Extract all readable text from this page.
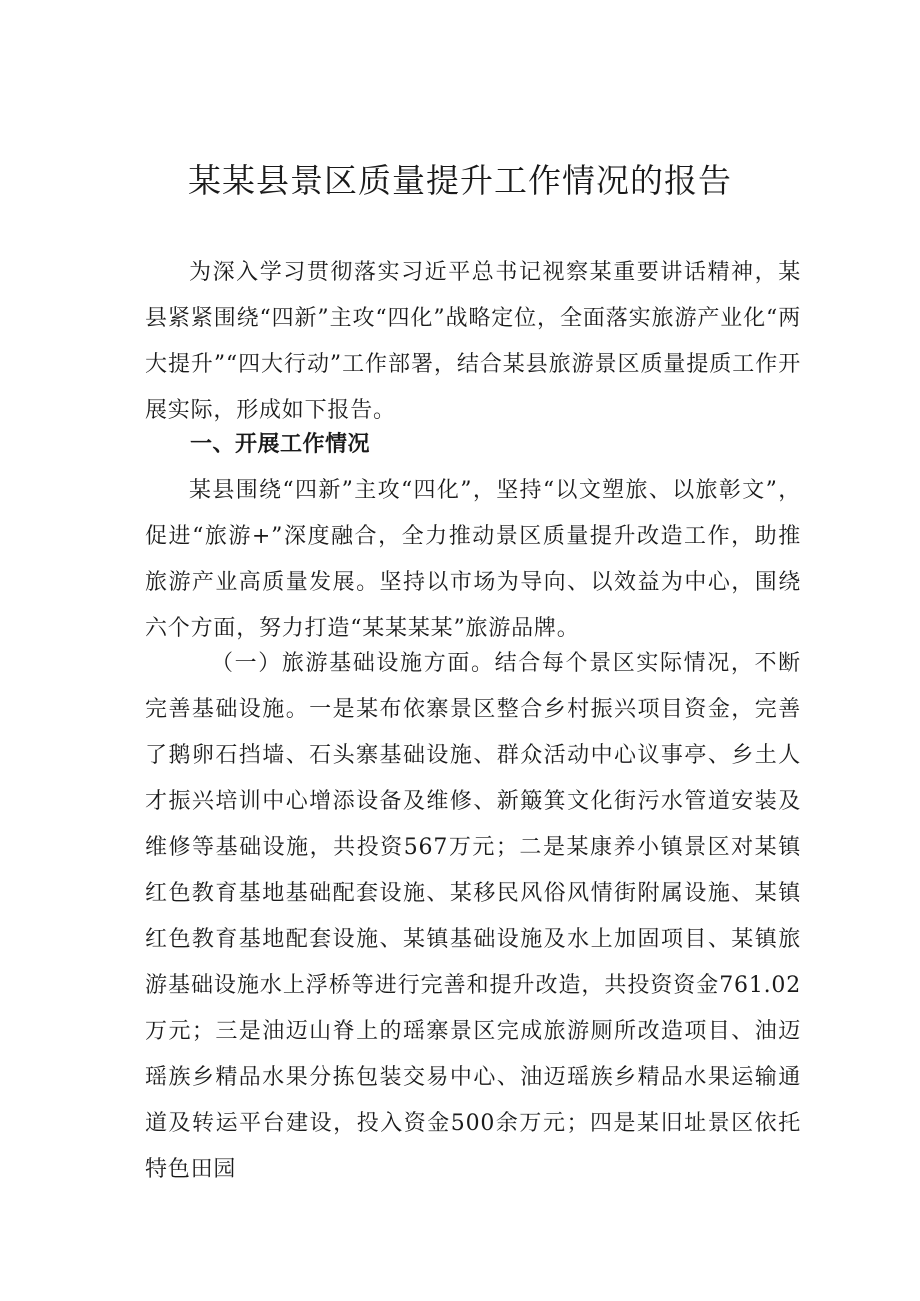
某某县景区质量提升工作情况的报告

为深入学习贯彻落实习近平总书记视察某重要讲话精神，某县紧紧围绕“四新”主攻“四化”战略定位，全面落实旅游产业化“两大提升”“四大行动”工作部署，结合某县旅游景区质量提质工作开展实际，形成如下报告。

一、开展工作情况

某县围绕“四新”主攻“四化”，坚持“以文塑旅、以旅彰文”，促进“旅游+”深度融合，全力推动景区质量提升改造工作，助推旅游产业高质量发展。坚持以市场为导向、以效益为中心，围绕六个方面，努力打造“某某某某”旅游品牌。

（一）旅游基础设施方面。结合每个景区实际情况，不断完善基础设施。一是某布依寨景区整合乡村振兴项目资金，完善了鹅卵石挡墙、石头寨基础设施、群众活动中心议事亭、乡土人才振兴培训中心增添设备及维修、新簸箕文化街污水管道安装及维修等基础设施，共投资567万元；二是某康养小镇景区对某镇红色教育基地基础配套设施、某移民风俗风情街附属设施、某镇红色教育基地配套设施、某镇基础设施及水上加固项目、某镇旅游基础设施水上浮桥等进行完善和提升改造，共投资资金761.02万元；三是油迈山脊上的瑶寨景区完成旅游厕所改造项目、油迈瑶族乡精品水果分拣包装交易中心、油迈瑶族乡精品水果运输通道及转运平台建设，投入资金500余万元；四是某旧址景区依托特色田园
